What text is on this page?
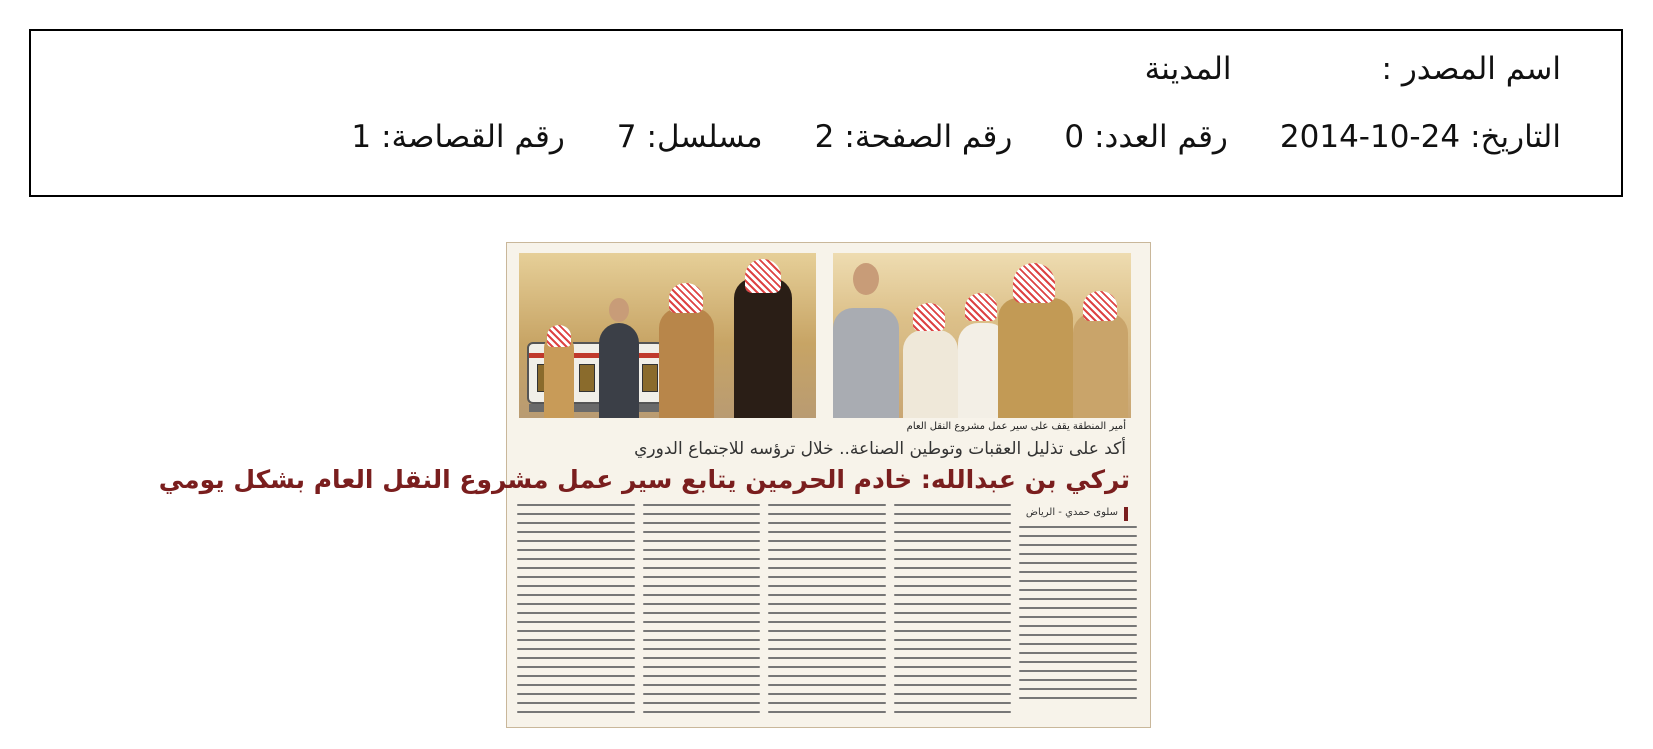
اسم المصدر :
المدينة
التاريخ:
2014-10-24
رقم العدد:
0
رقم الصفحة:
2
مسلسل:
7
رقم القصاصة:
1
أمير المنطقة يقف على سير عمل مشروع النقل العام
أكد على تذليل العقبات وتوطين الصناعة.. خلال ترؤسه للاجتماع الدوري
تركي بن عبدالله: خادم الحرمين يتابع سير عمل مشروع النقل العام بشكل يومي
سلوى حمدي - الرياض
